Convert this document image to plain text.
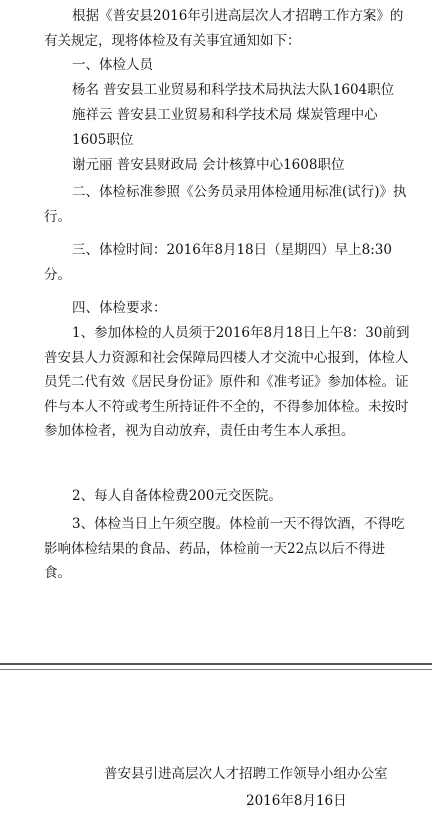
根据《普安县2016年引进高层次人才招聘工作方案》的有关规定，现将体检及有关事宜通知如下：

一、体检人员
杨名 普安县工业贸易和科学技术局执法大队1604职位
施祥云 普安县工业贸易和科学技术局 煤炭管理中心
1605职位
谢元丽 普安县财政局 会计核算中心1608职位

二、体检标准参照《公务员录用体检通用标准(试行)》执行。

三、体检时间：2016年8月18日（星期四）早上8:30分。

四、体检要求：

1、参加体检的人员须于2016年8月18日上午8：30前到普安县人力资源和社会保障局四楼人才交流中心报到，体检人员凭二代有效《居民身份证》原件和《准考证》参加体检。证件与本人不符或考生所持证件不全的，不得参加体检。未按时参加体检者，视为自动放弃，责任由考生本人承担。

2、每人自备体检费200元交医院。

3、体检当日上午须空腹。体检前一天不得饮酒，不得吃影响体检结果的食品、药品，体检前一天22点以后不得进食。

普安县引进高层次人才招聘工作领导小组办公室
2016年8月16日
